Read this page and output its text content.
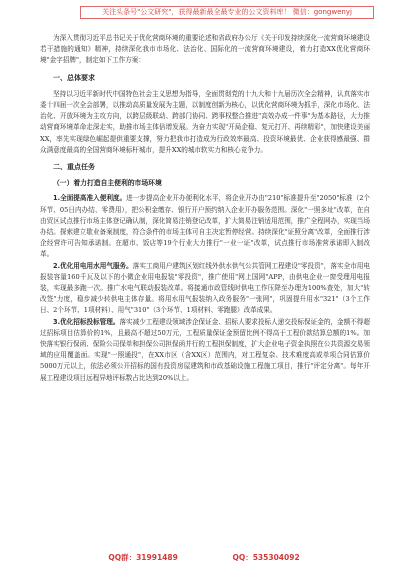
关注头条号"公文研究"，获得最新最全最专业的公文资料库！ 微信：gongwenyj

为深入贯彻习近平总书记关于优化营商环境的重要论述和省政府办公厅《关于印发持续深化一流营商环境建设若干措施的通知》精神，持续深化我市市场化、法治化、国际化的一流营商环境建设，着力打造XX优化营商环境"金字招牌"，制定如下工作方案：

一、总体要求

坚持以习近平新时代中国特色社会主义思想为指导，全面贯彻党的十九大和十九届历次全会精神，认真落实市委十四届一次全会部署，以推动高质量发展为主题，以制度创新为核心，以优化营商环境为抓手，深化市场化、法治化、开放环境为主攻方向，以跨层级联动、跨部门协同、跨事权整合推进"高效办成一件事"为基本路径，大力推动营商环境革命走深走实，助推市场主体倍增发展。为奋力实现"开局企稳、复元打开、再续精彩"，加快建设美丽XX，率先实现绿色崛起提供重要支撑，努力把我市打造成为行政效率最高、投资环境最优、企业获得感最强、群众满意度最高的全国营商环境标杆城市，提升XX的城市软实力和核心竞争力。

二、重点任务
（一）着力打造自主便利的市场环境

1.全面提高准入便利度。进一步提高企业开办便利化水平，将企业开办由"210"标准提升至"2050"标准（2个环节、05日内办结、零费用），把公积金缴存、银行开户预约纳入企业开办服务范围。深化"一照多址"改革，在自由贸区试点推行市场主体登记确认制，深化简易注销登记改革，扩大简易注销适用范围，推广全程网办，实现当场办结。探索建立歇业备案制度，符合条件的市场主体可自主决定暂停经营。持续深化"证照分离"改革，全面推行涉企经营许可告知承诺制。在超市、饭店等19个行业大力推行"一业一证"改革，试点推行市场准营承诺即入制改革。

2.优化用电用水用气服务。落实工商用户建筑区划红线外供水供气公共管网工程建设"零投资"，落实全市用电报装容量160千瓦及以下的小微企业用电报装"零投资"，推广使用"网上国网"APP，由供电企业一窗受理用电报装，实现最多跑一次。推广水电气联动报装改革。将接通市政管线时供电工作压降至办理为100%查处，加大"转改签"力度，稳步减少转供电主体存量。将用水用气报装纳入政务服务"一张网"，巩固提升用水"321"（3个工作日、2个环节、1项材料）、用气"310"（3个环节、1项材料、零跑腿）改革成果。

3.优化招标投标管理。落实减少工程建设领域涉企保证金、招标人要求投标人递交投标保证金的，金额不得超过招标项目估算价的1%，且最高不超过50万元，工程质量保证金预留比例不得高于工程价款结算总额的1%。加快落实银行保函、保险公司保单和担保公司担保函并行的工程担保制度，扩大企业电子资金执照在公共资源交易领域的应用覆盖面。实现"一照通投"，在XX市区（含XX区）范围内，对工程复杂、技术难度高或单项合同估算价5000万元以上，依法必须公开招标的国有投资房屋建筑和市政基础设施工程施工项目，推行"评定分离"。每年开展工程建设项目远程异地评标数占比达到20%以上。

QQ群：31991489	QQ：535304092
